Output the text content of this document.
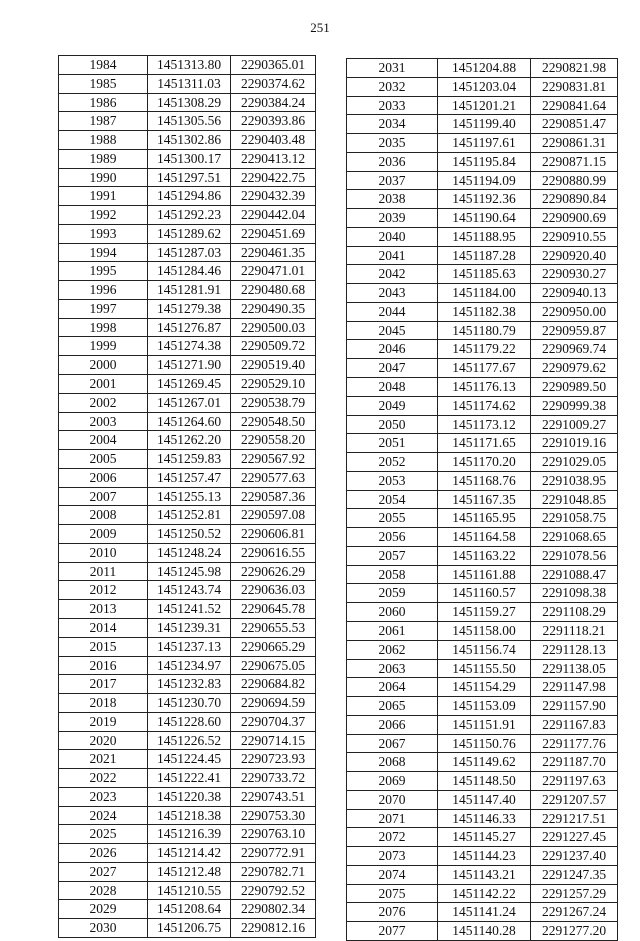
251
1984	1451313.80	2290365.01
1985	1451311.03	2290374.62
1986	1451308.29	2290384.24
1987	1451305.56	2290393.86
1988	1451302.86	2290403.48
1989	1451300.17	2290413.12
1990	1451297.51	2290422.75
1991	1451294.86	2290432.39
1992	1451292.23	2290442.04
1993	1451289.62	2290451.69
1994	1451287.03	2290461.35
1995	1451284.46	2290471.01
1996	1451281.91	2290480.68
1997	1451279.38	2290490.35
1998	1451276.87	2290500.03
1999	1451274.38	2290509.72
2000	1451271.90	2290519.40
2001	1451269.45	2290529.10
2002	1451267.01	2290538.79
2003	1451264.60	2290548.50
2004	1451262.20	2290558.20
2005	1451259.83	2290567.92
2006	1451257.47	2290577.63
2007	1451255.13	2290587.36
2008	1451252.81	2290597.08
2009	1451250.52	2290606.81
2010	1451248.24	2290616.55
2011	1451245.98	2290626.29
2012	1451243.74	2290636.03
2013	1451241.52	2290645.78
2014	1451239.31	2290655.53
2015	1451237.13	2290665.29
2016	1451234.97	2290675.05
2017	1451232.83	2290684.82
2018	1451230.70	2290694.59
2019	1451228.60	2290704.37
2020	1451226.52	2290714.15
2021	1451224.45	2290723.93
2022	1451222.41	2290733.72
2023	1451220.38	2290743.51
2024	1451218.38	2290753.30
2025	1451216.39	2290763.10
2026	1451214.42	2290772.91
2027	1451212.48	2290782.71
2028	1451210.55	2290792.52
2029	1451208.64	2290802.34
2030	1451206.75	2290812.16
2031	1451204.88	2290821.98
2032	1451203.04	2290831.81
2033	1451201.21	2290841.64
2034	1451199.40	2290851.47
2035	1451197.61	2290861.31
2036	1451195.84	2290871.15
2037	1451194.09	2290880.99
2038	1451192.36	2290890.84
2039	1451190.64	2290900.69
2040	1451188.95	2290910.55
2041	1451187.28	2290920.40
2042	1451185.63	2290930.27
2043	1451184.00	2290940.13
2044	1451182.38	2290950.00
2045	1451180.79	2290959.87
2046	1451179.22	2290969.74
2047	1451177.67	2290979.62
2048	1451176.13	2290989.50
2049	1451174.62	2290999.38
2050	1451173.12	2291009.27
2051	1451171.65	2291019.16
2052	1451170.20	2291029.05
2053	1451168.76	2291038.95
2054	1451167.35	2291048.85
2055	1451165.95	2291058.75
2056	1451164.58	2291068.65
2057	1451163.22	2291078.56
2058	1451161.88	2291088.47
2059	1451160.57	2291098.38
2060	1451159.27	2291108.29
2061	1451158.00	2291118.21
2062	1451156.74	2291128.13
2063	1451155.50	2291138.05
2064	1451154.29	2291147.98
2065	1451153.09	2291157.90
2066	1451151.91	2291167.83
2067	1451150.76	2291177.76
2068	1451149.62	2291187.70
2069	1451148.50	2291197.63
2070	1451147.40	2291207.57
2071	1451146.33	2291217.51
2072	1451145.27	2291227.45
2073	1451144.23	2291237.40
2074	1451143.21	2291247.35
2075	1451142.22	2291257.29
2076	1451141.24	2291267.24
2077	1451140.28	2291277.20
